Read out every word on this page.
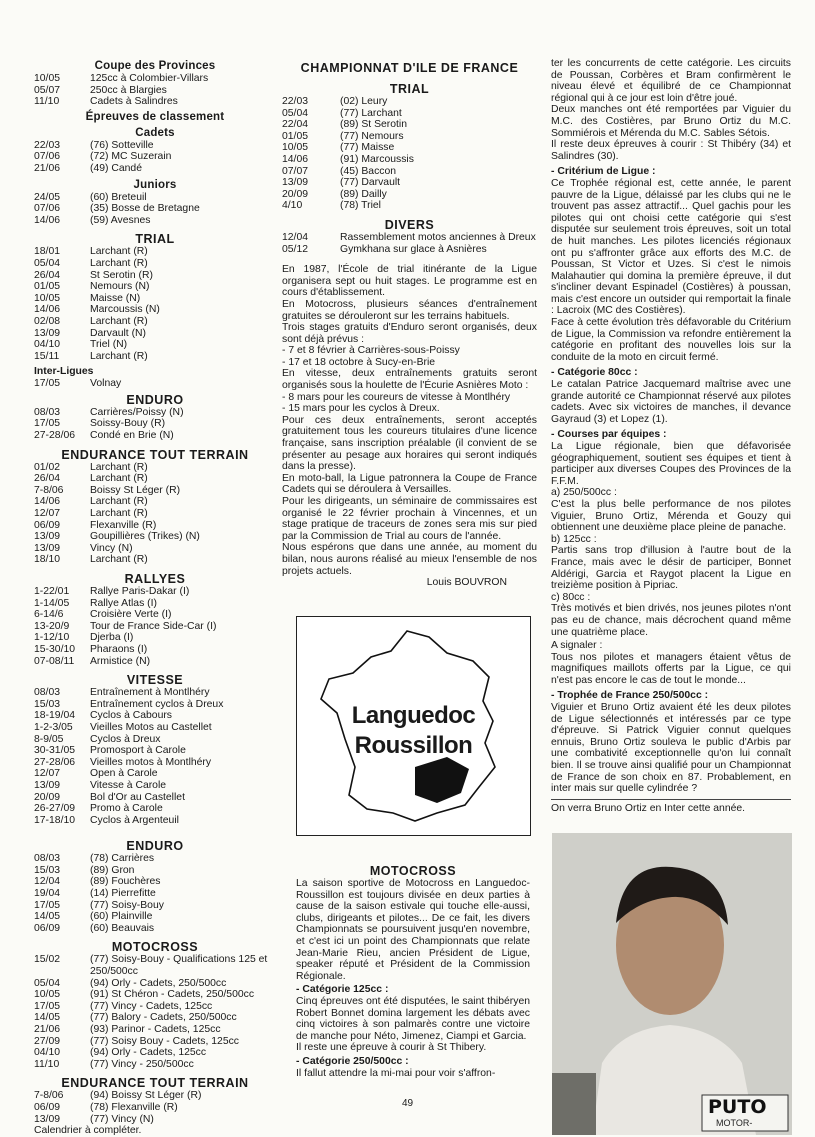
Coupe des Provinces

10/05	125cc à Colombier-Villars
05/07	250cc à Blargies
11/10	Cadets à Salindres

Épreuves de classement

Cadets

22/03	(76) Sotteville
07/06	(72) MC Suzerain
21/06	(49) Candé

Juniors

24/05	(60) Breteuil
07/06	(35) Bosse de Bretagne
14/06	(59) Avesnes

TRIAL

18/01	Larchant (R)
05/04	Larchant (R)
26/04	St Serotin (R)
01/05	Nemours (N)
10/05	Maisse (N)
14/06	Marcoussis (N)
02/08	Larchant (R)
13/09	Darvault (N)
04/10	Triel (N)
15/11	Larchant (R)

Inter-Ligues

17/05	Volnay

ENDURO

08/03	Carrières/Poissy (N)
17/05	Soissy-Bouy (R)
27-28/06	Condé en Brie (N)

ENDURANCE TOUT TERRAIN

01/02	Larchant (R)
26/04	Larchant (R)
7-8/06	Boissy St Léger (R)
14/06	Larchant (R)
12/07	Larchant (R)
06/09	Flexanville (R)
13/09	Goupillières (Trikes) (N)
13/09	Vincy (N)
18/10	Larchant (R)

RALLYES

1-22/01	Rallye Paris-Dakar (I)
1-14/05	Rallye Atlas (I)
6-14/6	Croisière Verte (I)
13-20/9	Tour de France Side-Car (I)
1-12/10	Djerba (I)
15-30/10	Pharaons (I)
07-08/11	Armistice (N)

VITESSE

08/03	Entraînement à Montlhéry
15/03	Entraînement cyclos à Dreux
18-19/04	Cyclos à Cabours
1-2-3/05	Vieilles Motos au Castellet
8-9/05	Cyclos à Dreux
30-31/05	Promosport à Carole
27-28/06	Vieilles motos à Montlhéry
12/07	Open à Carole
13/09	Vitesse à Carole
20/09	Bol d'Or au Castellet
26-27/09	Promo à Carole
17-18/10	Cyclos à Argenteuil

ENDURO

08/03	(78) Carrières
15/03	(89) Gron
12/04	(89) Fouchères
19/04	(14) Pierrefitte
17/05	(77) Soisy-Bouy
14/05	(60) Plainville
06/09	(60) Beauvais

MOTOCROSS

15/02	(77) Soisy-Bouy - Qualifications 125 et 250/500cc
05/04	(94) Orly - Cadets, 250/500cc
10/05	(91) St Chéron - Cadets, 250/500cc
17/05	(77) Vincy - Cadets, 125cc
14/05	(77) Balory - Cadets, 250/500cc
21/06	(93) Parinor - Cadets, 125cc
27/09	(77) Soisy Bouy - Cadets, 125cc
04/10	(94) Orly - Cadets, 125cc
11/10	(77) Vincy - 250/500cc

ENDURANCE TOUT TERRAIN

7-8/06	(94) Boissy St Léger (R)
06/09	(78) Flexanville (R)
13/09	(77) Vincy (N)

Calendrier à compléter.

CHAMPIONNAT D'ILE DE FRANCE

TRIAL

22/03	(02) Leury
05/04	(77) Larchant
22/04	(89) St Serotin
01/05	(77) Nemours
10/05	(77) Maisse
14/06	(91) Marcoussis
07/07	(45) Baccon
13/09	(77) Darvault
20/09	(89) Dailly
4/10	(78) Triel

DIVERS

12/04	Rassemblement motos anciennes à Dreux
05/12	Gymkhana sur glace à Asnières

En 1987, l'École de trial itinérante de la Ligue organisera sept ou huit stages. Le programme est en cours d'établissement.

En Motocross, plusieurs séances d'entraînement gratuites se dérouleront sur les terrains habituels.

Trois stages gratuits d'Enduro seront organisés, deux sont déjà prévus :

- 7 et 8 février à Carrières-sous-Poissy

- 17 et 18 octobre à Sucy-en-Brie

En vitesse, deux entraînements gratuits seront organisés sous la houlette de l'Écurie Asnières Moto :

- 8 mars pour les coureurs de vitesse à Montlhéry

- 15 mars pour les cyclos à Dreux.

Pour ces deux entraînements, seront acceptés gratuitement tous les coureurs titulaires d'une licence française, sans inscription préalable (il convient de se présenter au pesage aux horaires qui seront indiqués dans la presse).

En moto-ball, la Ligue patronnera la Coupe de France Cadets qui se déroulera à Versailles.

Pour les dirigeants, un séminaire de commissaires est organisé le 22 février prochain à Vincennes, et un stage pratique de traceurs de zones sera mis sur pied par la Commission de Trial au cours de l'année.

Nous espérons que dans une année, au moment du bilan, nous aurons réalisé au mieux l'ensemble de nos projets actuels.

Louis BOUVRON
Languedoc
Roussillon

MOTOCROSS

La saison sportive de Motocross en Languedoc-Roussillon est toujours divisée en deux parties à cause de la saison estivale qui touche elle-aussi, clubs, dirigeants et pilotes... De ce fait, les divers Championnats se poursuivent jusqu'en novembre, et c'est ici un point des Championnats que relate Jean-Marie Rieu, ancien Président de Ligue, speaker réputé et Président de la Commission Régionale.

- Catégorie 125cc :

Cinq épreuves ont été disputées, le saint thibéryen Robert Bonnet domina largement les débats avec cinq victoires à son palmarès contre une victoire de manche pour Néto, Jimenez, Ciampi et Garcia.

Il reste une épreuve à courir à St Thibery.

- Catégorie 250/500cc :

Il fallut attendre la mi-mai pour voir s'affron-

ter les concurrents de cette catégorie. Les circuits de Poussan, Corbères et Bram confirmèrent le niveau élevé et équilibré de ce Championnat régional qui à ce jour est loin d'être joué.

Deux manches ont été remportées par Viguier du M.C. des Costières, par Bruno Ortiz du M.C. Sommiérois et Mérenda du M.C. Sables Sétois.

Il reste deux épreuves à courir : St Thibéry (34) et Salindres (30).

- Critérium de Ligue :

Ce Trophée régional est, cette année, le parent pauvre de la Ligue, délaissé par les clubs qui ne le trouvent pas assez attractif... Quel gachis pour les pilotes qui ont choisi cette catégorie qui s'est disputée sur seulement trois épreuves, soit un total de huit manches. Les pilotes licenciés régionaux ont pu s'affronter grâce aux efforts des M.C. de Poussan, St Victor et Uzes. Si c'est le nimois Malahautier qui domina la première épreuve, il dut s'incliner devant Espinadel (Costières) à poussan, mais c'est encore un outsider qui remportait la finale : Lacroix (MC des Costières).

Face à cette évolution très défavorable du Critérium de Ligue, la Commission va refondre entièrement la catégorie en profitant des nouvelles lois sur la conduite de la moto en circuit fermé.

- Catégorie 80cc :

Le catalan Patrice Jacquemard maîtrise avec une grande autorité ce Championnat réservé aux pilotes cadets. Avec six victoires de manches, il devance Gayraud (3) et Lopez (1).

- Courses par équipes :

La Ligue régionale, bien que défavorisée géographiquement, soutient ses équipes et tient à participer aux diverses Coupes des Provinces de la F.F.M.

a) 250/500cc :

C'est la plus belle performance de nos pilotes Viguier, Bruno Ortiz, Mérenda et Gouzy qui obtiennent une deuxième place pleine de panache.

b) 125cc :

Partis sans trop d'illusion à l'autre bout de la France, mais avec le désir de participer, Bonnet Aldérigi, Garcia et Raygot placent la Ligue en treizième position à Pipriac.

c) 80cc :

Très motivés et bien drivés, nos jeunes pilotes n'ont pas eu de chance, mais décrochent quand même une quatrième place.

A signaler :

Tous nos pilotes et managers étaient vêtus de magnifiques maillots offerts par la Ligue, ce qui n'est pas encore le cas de tout le monde...

- Trophée de France 250/500cc :

Viguier et Bruno Ortiz avaient été les deux pilotes de Ligue sélectionnés et intéressés par ce type d'épreuve. Si Patrick Viguier connut quelques ennuis, Bruno Ortiz souleva le public d'Arbis par une combativité exceptionnelle qu'on lui connaît bien. Il se trouve ainsi qualifié pour un Championnat de France de son choix en 87. Probablement, en inter mais sur quelle cylindrée ?

On verra Bruno Ortiz en Inter cette année.

PUTO
MOTOR-
49
